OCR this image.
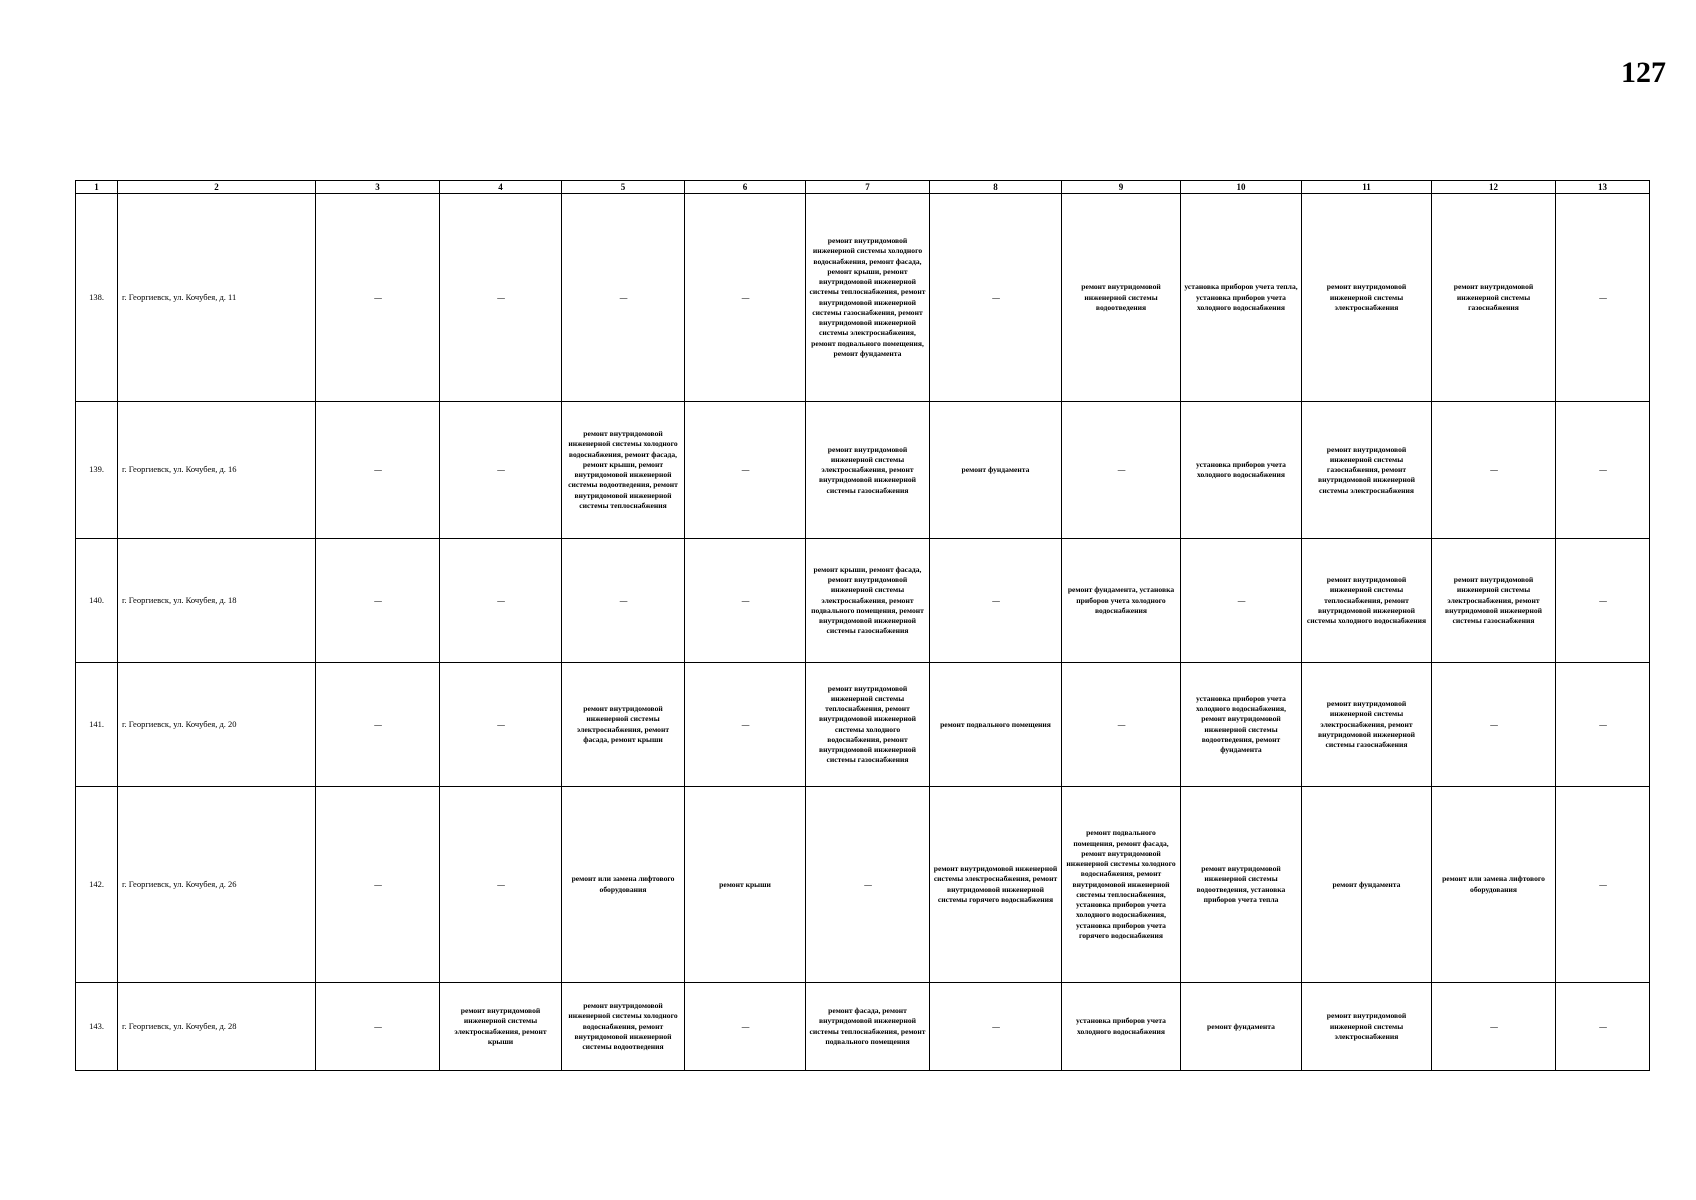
127
1	2	3	4	5	6	7	8	9	10	11	12	13
138.	г. Георгиевск, ул. Кочубея, д. 11	—	—	—	—	ремонт внутридомовой инженерной системы холодного водоснабжения, ремонт фасада, ремонт крыши, ремонт внутридомовой инженерной системы теплоснабжения, ремонт внутридомовой инженерной системы газоснабжения, ремонт внутридомовой инженерной системы электроснабжения, ремонт подвального помещения, ремонт фундамента	—	ремонт внутридомовой инженерной системы водоотведения	установка приборов учета тепла, установка приборов учета холодного водоснабжения	ремонт внутридомовой инженерной системы электроснабжения	ремонт внутридомовой инженерной системы газоснабжения	—
139.	г. Георгиевск, ул. Кочубея, д. 16	—	—	ремонт внутридомовой инженерной системы холодного водоснабжения, ремонт фасада, ремонт крыши, ремонт внутридомовой инженерной системы водоотведения, ремонт внутридомовой инженерной системы теплоснабжения	—	ремонт внутридомовой инженерной системы электроснабжения, ремонт внутридомовой инженерной системы газоснабжения	ремонт фундамента	—	установка приборов учета холодного водоснабжения	ремонт внутридомовой инженерной системы газоснабжения, ремонт внутридомовой инженерной системы электроснабжения	—	—
140.	г. Георгиевск, ул. Кочубея, д. 18	—	—	—	—	ремонт крыши, ремонт фасада, ремонт внутридомовой инженерной системы электроснабжения, ремонт подвального помещения, ремонт внутридомовой инженерной системы газоснабжения	—	ремонт фундамента, установка приборов учета холодного водоснабжения	—	ремонт внутридомовой инженерной системы теплоснабжения, ремонт внутридомовой инженерной системы холодного водоснабжения	ремонт внутридомовой инженерной системы электроснабжения, ремонт внутридомовой инженерной системы газоснабжения	—
141.	г. Георгиевск, ул. Кочубея, д. 20	—	—	ремонт внутридомовой инженерной системы электроснабжения, ремонт фасада, ремонт крыши	—	ремонт внутридомовой инженерной системы теплоснабжения, ремонт внутридомовой инженерной системы холодного водоснабжения, ремонт внутридомовой инженерной системы газоснабжения	ремонт подвального помещения	—	установка приборов учета холодного водоснабжения, ремонт внутридомовой инженерной системы водоотведения, ремонт фундамента	ремонт внутридомовой инженерной системы электроснабжения, ремонт внутридомовой инженерной системы газоснабжения	—	—
142.	г. Георгиевск, ул. Кочубея, д. 26	—	—	ремонт или замена лифтового оборудования	ремонт крыши	—	ремонт внутридомовой инженерной системы электроснабжения, ремонт внутридомовой инженерной системы горячего водоснабжения	ремонт подвального помещения, ремонт фасада, ремонт внутридомовой инженерной системы холодного водоснабжения, ремонт внутридомовой инженерной системы теплоснабжения, установка приборов учета холодного водоснабжения, установка приборов учета горячего водоснабжения	ремонт внутридомовой инженерной системы водоотведения, установка приборов учета тепла	ремонт фундамента	ремонт или замена лифтового оборудования	—
143.	г. Георгиевск, ул. Кочубея, д. 28	—	ремонт внутридомовой инженерной системы электроснабжения, ремонт крыши	ремонт внутридомовой инженерной системы холодного водоснабжения, ремонт внутридомовой инженерной системы водоотведения	—	ремонт фасада, ремонт внутридомовой инженерной системы теплоснабжения, ремонт подвального помещения	—	установка приборов учета холодного водоснабжения	ремонт фундамента	ремонт внутридомовой инженерной системы электроснабжения	—	—
